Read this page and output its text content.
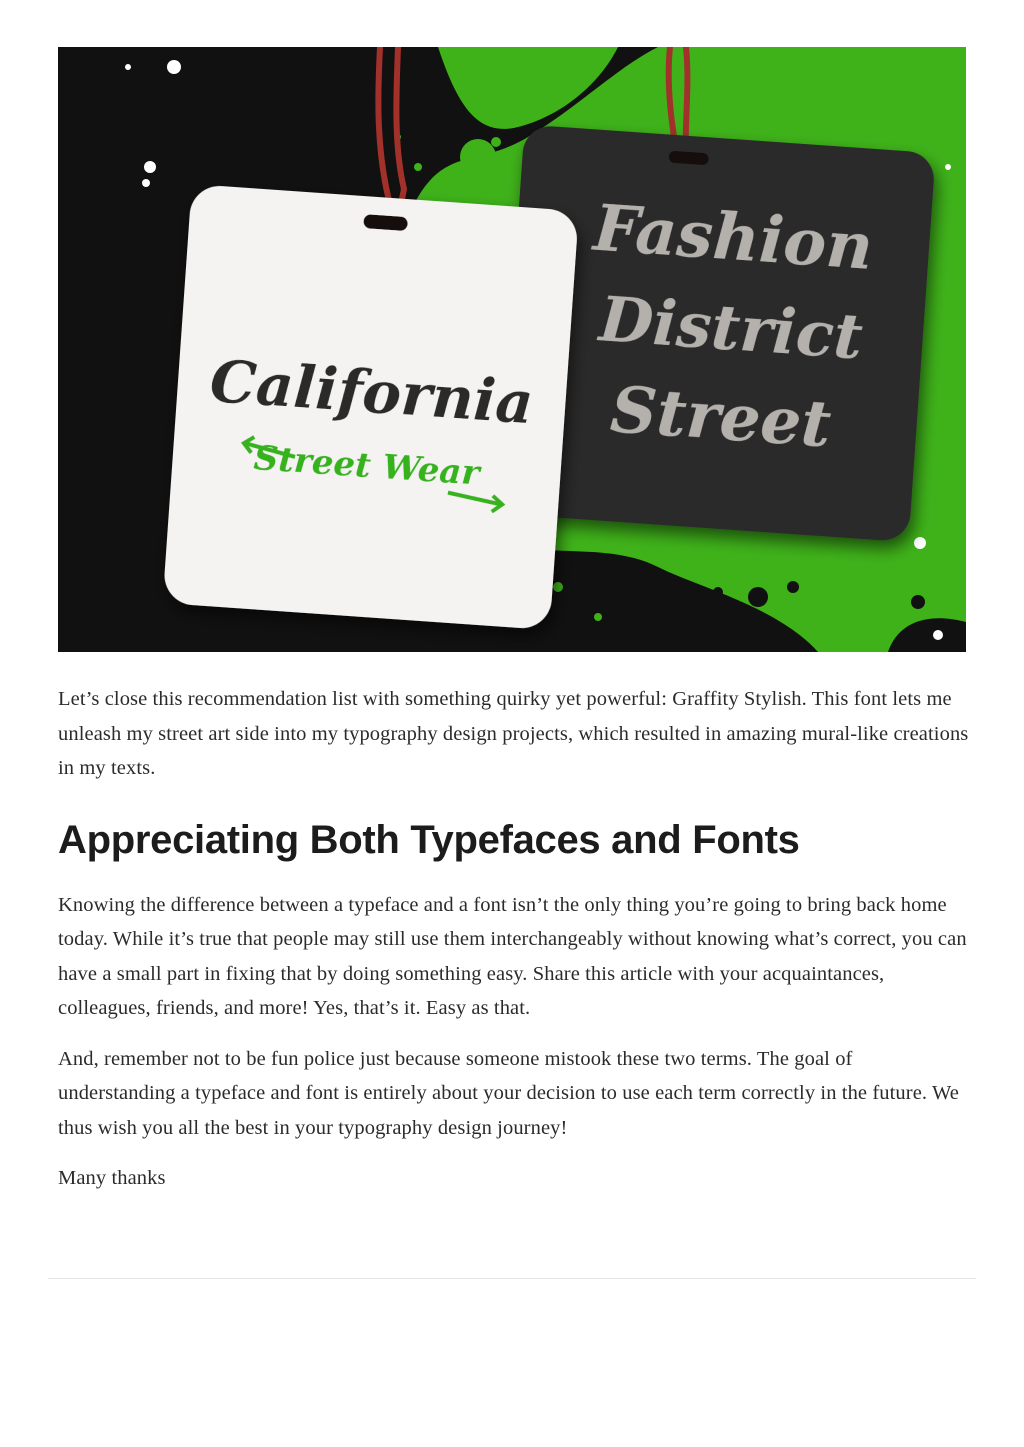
Fashion
District
Street
California
Street Wear

Let’s close this recommendation list with something quirky yet powerful: Graffity Stylish. This font lets me unleash my street art side into my typography design projects, which resulted in amazing mural-like creations in my texts.

Appreciating Both Typefaces and Fonts

Knowing the difference between a typeface and a font isn’t the only thing you’re going to bring back home today. While it’s true that people may still use them interchangeably without knowing what’s correct, you can have a small part in fixing that by doing something easy. Share this article with your acquaintances, colleagues, friends, and more! Yes, that’s it. Easy as that.

And, remember not to be fun police just because someone mistook these two terms. The goal of understanding a typeface and font is entirely about your decision to use each term correctly in the future. We thus wish you all the best in your typography design journey!

Many thanks
